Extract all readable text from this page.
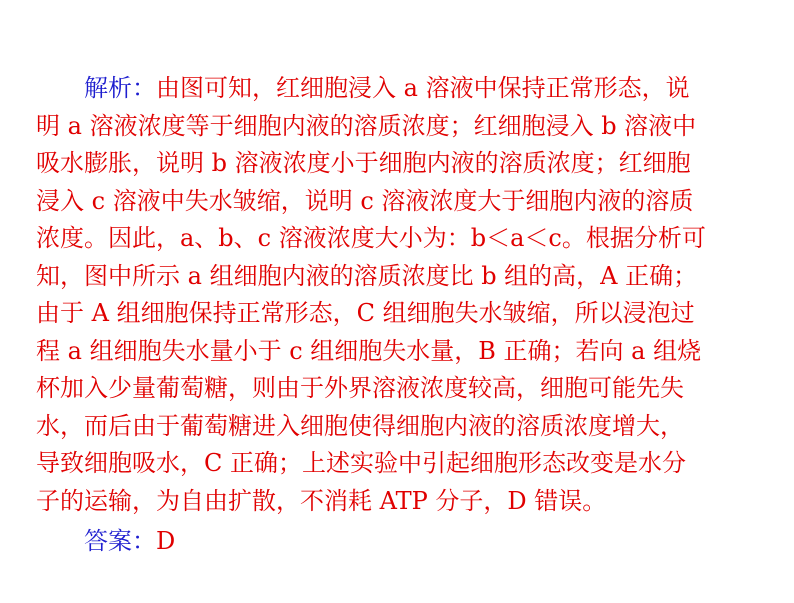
解析：由图可知，红细胞浸入 a 溶液中保持正常形态，说
明 a 溶液浓度等于细胞内液的溶质浓度；红细胞浸入 b 溶液中
吸水膨胀，说明 b 溶液浓度小于细胞内液的溶质浓度；红细胞
浸入 c 溶液中失水皱缩，说明 c 溶液浓度大于细胞内液的溶质
浓度。因此，a、b、c 溶液浓度大小为：b＜a＜c。根据分析可
知，图中所示 a 组细胞内液的溶质浓度比 b 组的高，A 正确；
由于 A 组细胞保持正常形态，C 组细胞失水皱缩，所以浸泡过
程 a 组细胞失水量小于 c 组细胞失水量，B 正确；若向 a 组烧
杯加入少量葡萄糖，则由于外界溶液浓度较高，细胞可能先失
水，而后由于葡萄糖进入细胞使得细胞内液的溶质浓度增大，
导致细胞吸水，C 正确；上述实验中引起细胞形态改变是水分
子的运输，为自由扩散，不消耗 ATP 分子，D 错误。
答案：D
